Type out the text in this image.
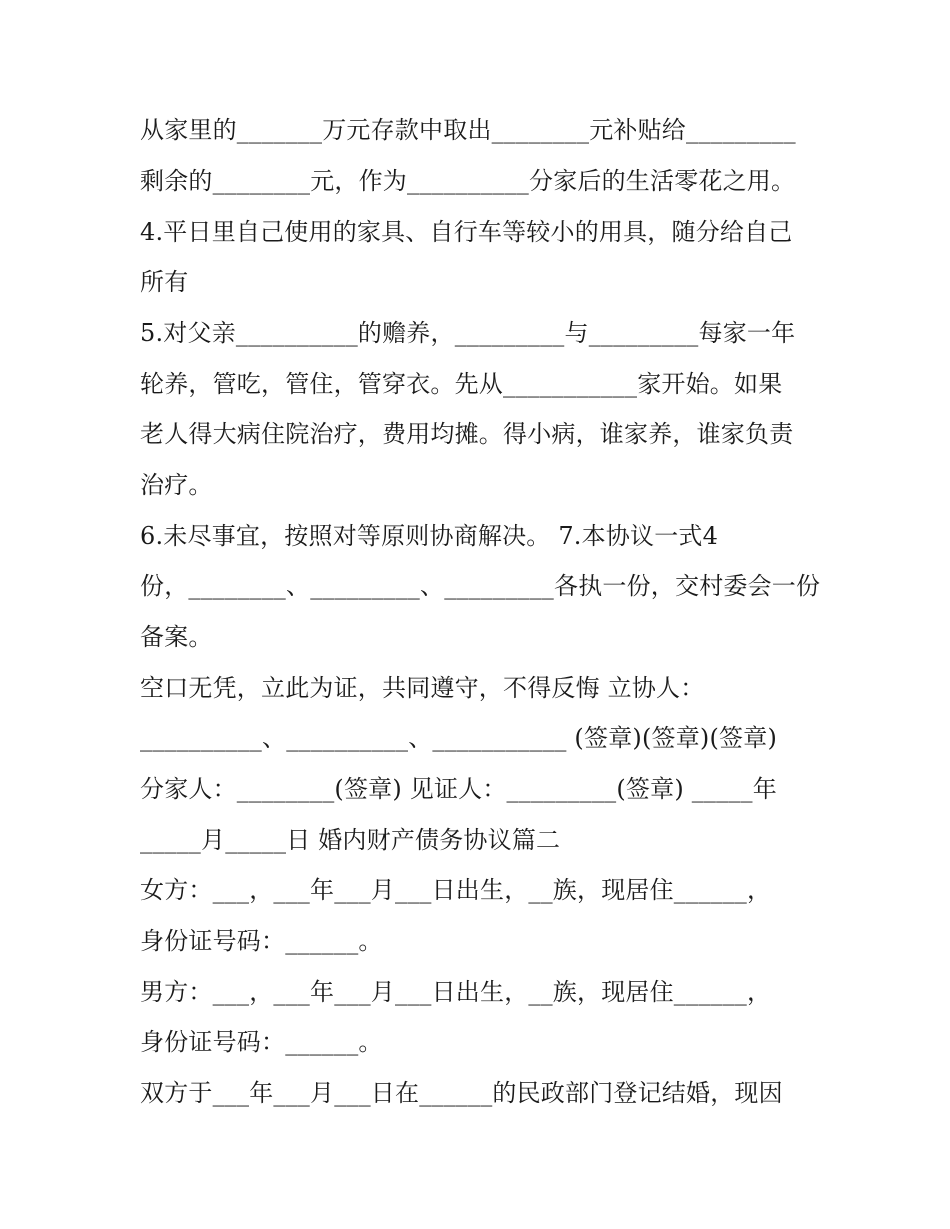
从家里的_______万元存款中取出________元补贴给_________
剩余的________元，作为__________分家后的生活零花之用。
4.平日里自己使用的家具、自行车等较小的用具，随分给自己
所有
5.对父亲__________的赡养，_________与_________每家一年
轮养，管吃，管住，管穿衣。先从___________家开始。如果
老人得大病住院治疗，费用均摊。得小病，谁家养，谁家负责
治疗。
6.未尽事宜，按照对等原则协商解决。 7.本协议一式4
份，________、_________、_________各执一份，交村委会一份
备案。
空口无凭，立此为证，共同遵守，不得反悔 立协人：
__________、__________、___________ (签章)(签章)(签章)
分家人：________(签章) 见证人：_________(签章) _____年
_____月_____日 婚内财产债务协议篇二
女方：___，___年___月___日出生，__族，现居住______，
身份证号码：______。
男方：___，___年___月___日出生，__族，现居住______，
身份证号码：______。
双方于___年___月___日在______的民政部门登记结婚，现因
